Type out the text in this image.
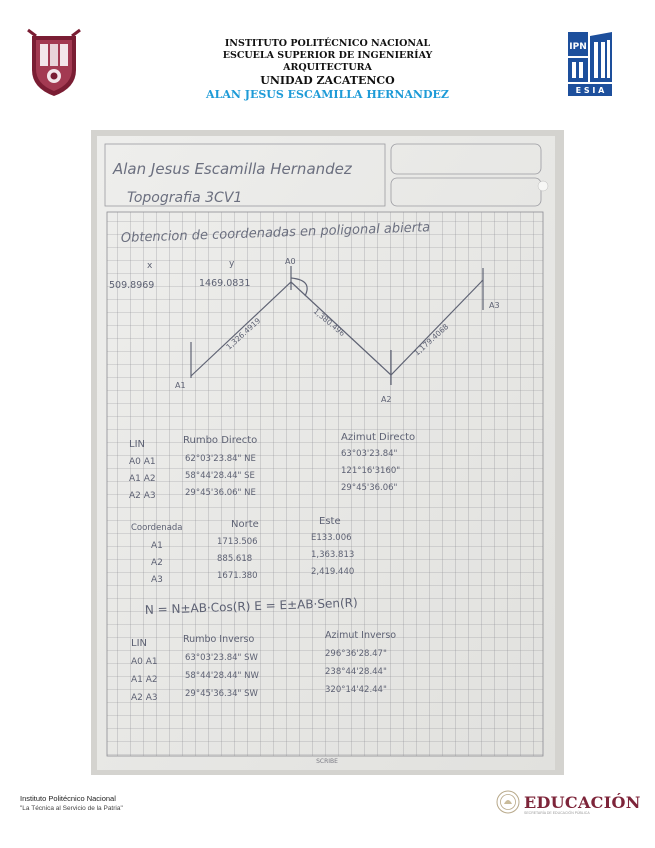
INSTITUTO POLITÉCNICO NACIONAL
ESCUELA SUPERIOR DE INGENIERÍAY
ARQUITECTURA
UNIDAD ZACATENCO
ALAN JESUS ESCAMILLA HERNANDEZ
IPN
E S I A
Alan Jesus Escamilla Hernandez
Topografia 3CV1
Obtencion de coordenadas en poligonal abierta
x	y
509.8969	1469.0831
A0
A1
A2
A3
1,326.4919	1,380.496	1,179.4068
LIN	Rumbo Directo	Azimut Directo
A0 A1	62°03'23.84" NE	63°03'23.84"
A1 A2	58°44'28.44" SE	121°16'3160"
A2 A3	29°45'36.06" NE	29°45'36.06"
Coordenada	Norte	Este
A1	1713.506	E133.006
A2	885.618	1,363.813
A3	1671.380	2,419.440
N = N±AB·Cos(R) E = E±AB·Sen(R)
LIN	Rumbo Inverso	Azimut Inverso
A0 A1	63°03'23.84" SW	296°36'28.47"
A1 A2	58°44'28.44" NW	238°44'28.44"
A2 A3	29°45'36.34" SW	320°14'42.44"
SCRIBE
Instituto Politécnico Nacional
"La Técnica al Servicio de la Patria"	EDUCACIÓN
SECRETARÍA DE EDUCACIÓN PÚBLICA
